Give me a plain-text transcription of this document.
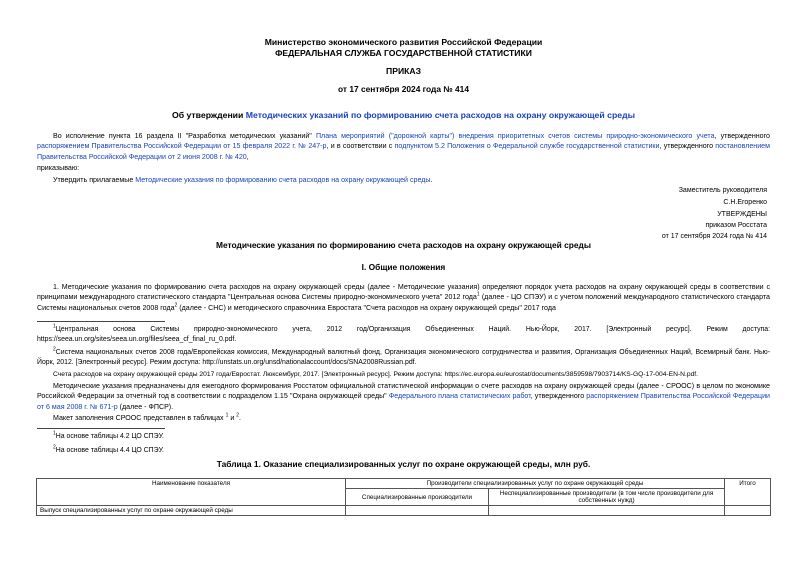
Министерство экономического развития Российской Федерации
ФЕДЕРАЛЬНАЯ СЛУЖБА ГОСУДАРСТВЕННОЙ СТАТИСТИКИ
ПРИКАЗ
от 17 сентября 2024 года № 414
Об утверждении Методических указаний по формированию счета расходов на охрану окружающей среды
Во исполнение пункта 16 раздела II "Разработка методических указаний" Плана мероприятий ("дорожной карты") внедрения приоритетных счетов системы природно-экономического учета, утвержденного распоряжением Правительства Российской Федерации от 15 февраля 2022 г. № 247-р, и в соответствии с подпунктом 5.2 Положения о Федеральной службе государственной статистики, утвержденного постановлением Правительства Российской Федерации от 2 июня 2008 г. № 420,
приказываю:
Утвердить прилагаемые Методические указания по формированию счета расходов на охрану окружающей среды.
Заместитель руководителя
С.Н.Егоренко
УТВЕРЖДЕНЫ
приказом Росстата
от 17 сентября 2024 года № 414
Методические указания по формированию счета расходов на охрану окружающей среды
I. Общие положения
1. Методические указания по формированию счета расходов на охрану окружающей среды (далее - Методические указания) определяют порядок учета расходов на охрану окружающей среды в соответствии с принципами международного статистического стандарта "Центральная основа Системы природно-экономического учета" 2012 года$^1$ (далее - ЦО СПЭУ) и с учетом положений международного статистического стандарта Системы национальных счетов 2008 года$^2$ (далее - СНС) и методического справочника Евростата "Счета расходов на охрану окружающей среды" 2017 года
$^1$Центральная основа Системы природно-экономического учета, 2012 год/Организация Объединенных Наций. Нью-Йорк, 2017. [Электронный ресурс]. Режим доступа: https://seea.un.org/sites/seea.un.org/files/seea_cf_final_ru_0.pdf.
$^2$Система национальных счетов 2008 года/Европейская комиссия, Международный валютный фонд, Организация экономического сотрудничества и развития, Организация Объединенных Наций, Всемирный банк. Нью-Йорк, 2012. [Электронный ресурс]. Режим доступа: http://unstats.un.org/unsd/nationalaccount/docs/SNA2008Russian.pdf.
Счета расходов на охрану окружающей среды 2017 года/Евростат. Люксембург, 2017. [Электронный ресурс]. Режим доступа: https://ec.europa.eu/eurostat/documents/3859598/7903714/KS-GQ-17-004-EN-N.pdf.
Методические указания предназначены для ежегодного формирования Росстатом официальной статистической информации о счете расходов на охрану окружающей среды (далее - СРООС) в целом по экономике Российской Федерации за отчетный год в соответствии с подразделом 1.15 "Охрана окружающей среды" Федерального плана статистических работ, утвержденного распоряжением Правительства Российской Федерации от 6 мая 2008 г. № 671-р (далее - ФПСР).
Макет заполнения СРООС представлен в таблицах $^1$ и $^2$.
$^1$На основе таблицы 4.2 ЦО СПЭУ.
$^2$На основе таблицы 4.4 ЦО СПЭУ.
Таблица 1. Оказание специализированных услуг по охране окружающей среды, млн руб.
Наименование показателя	Производители специализированных услуг по охране окружающей среды		Итого
	Специализированные производители	Неспециализированные производители (в том числе производители для собственных нужд)	
Выпуск специализированных услуг по охране окружающей среды			
